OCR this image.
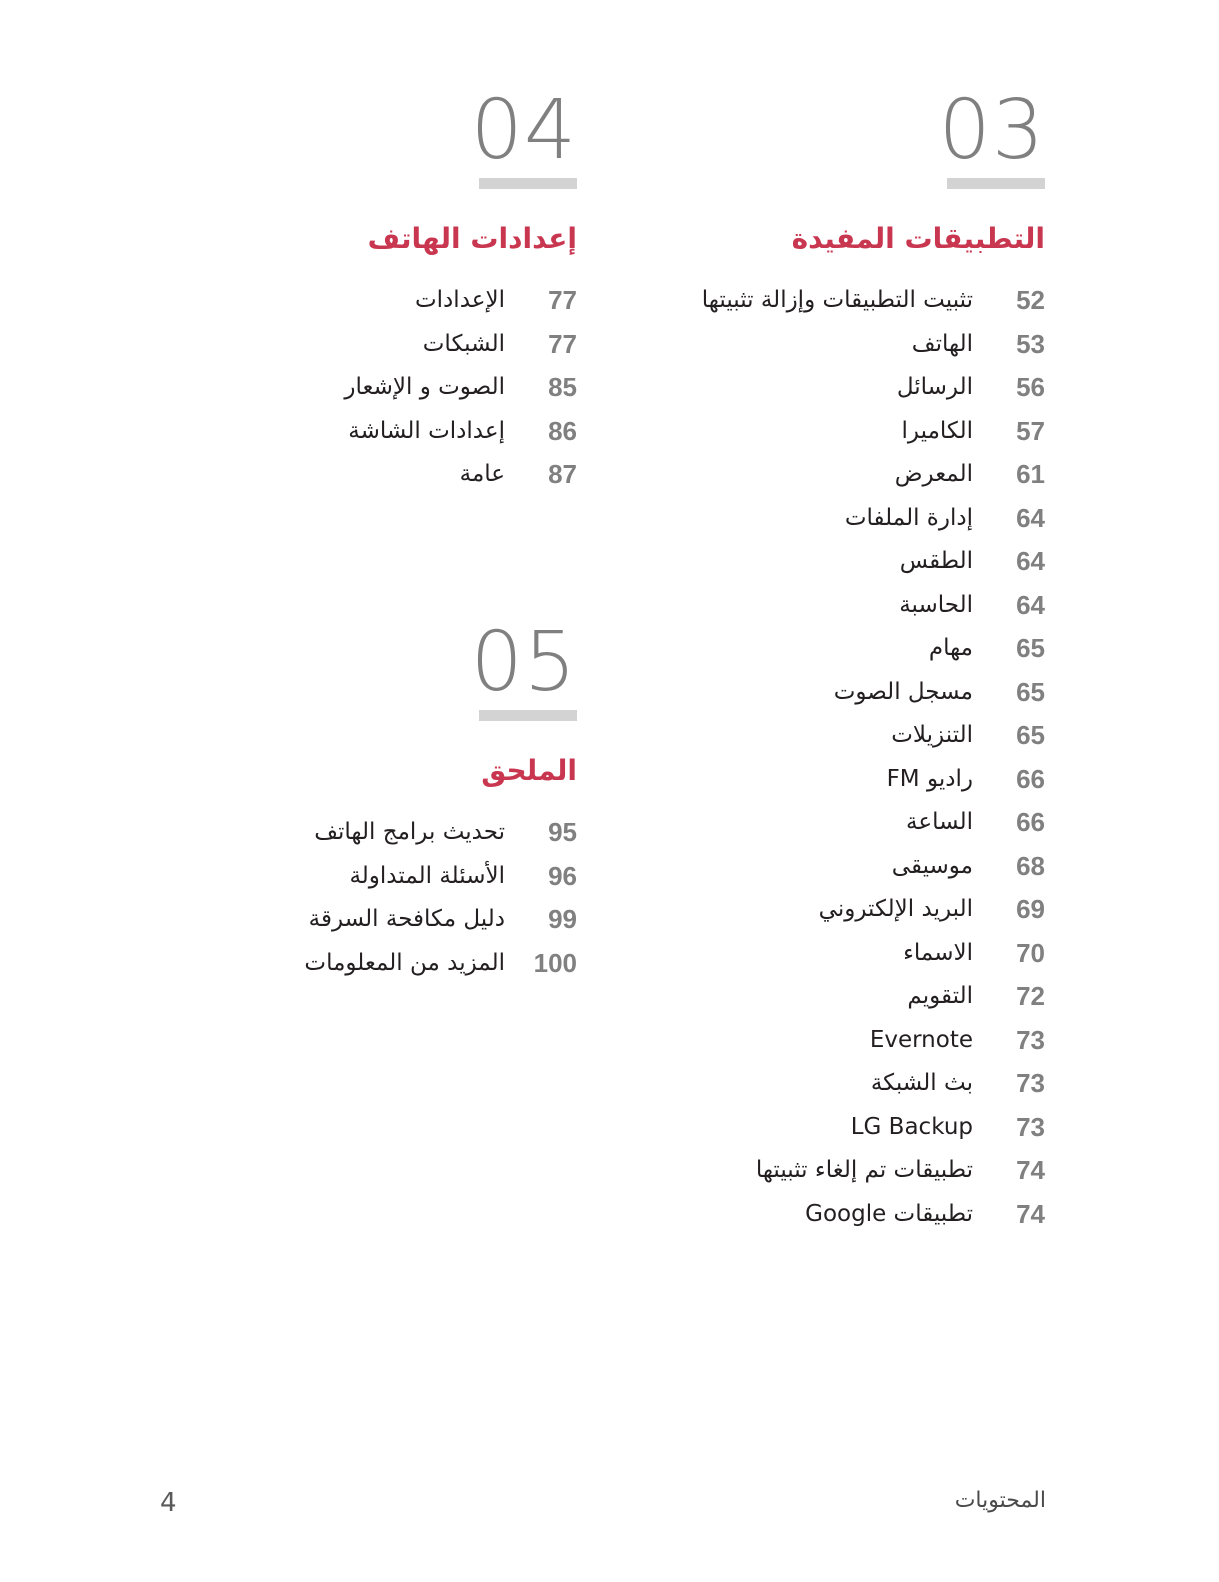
03
التطبيقات المفيدة
52
تثبيت التطبيقات وإزالة تثبيتها
53
الهاتف
56
الرسائل
57
الكاميرا
61
المعرض
64
إدارة الملفات
64
الطقس
64
الحاسبة
65
مهام
65
مسجل الصوت
65
التنزيلات
66
راديو FM
66
الساعة
68
موسيقى
69
البريد الإلكتروني
70
الاسماء
72
التقويم
73
Evernote
73
بث الشبكة
73
LG Backup
74
تطبيقات تم إلغاء تثبيتها
74
تطبيقات Google
04
إعدادات الهاتف
77
الإعدادات
77
الشبكات
85
الصوت و الإشعار
86
إعدادات الشاشة
87
عامة
05
الملحق
95
تحديث برامج الهاتف
96
الأسئلة المتداولة
99
دليل مكافحة السرقة
100
المزيد من المعلومات
المحتويات
4
